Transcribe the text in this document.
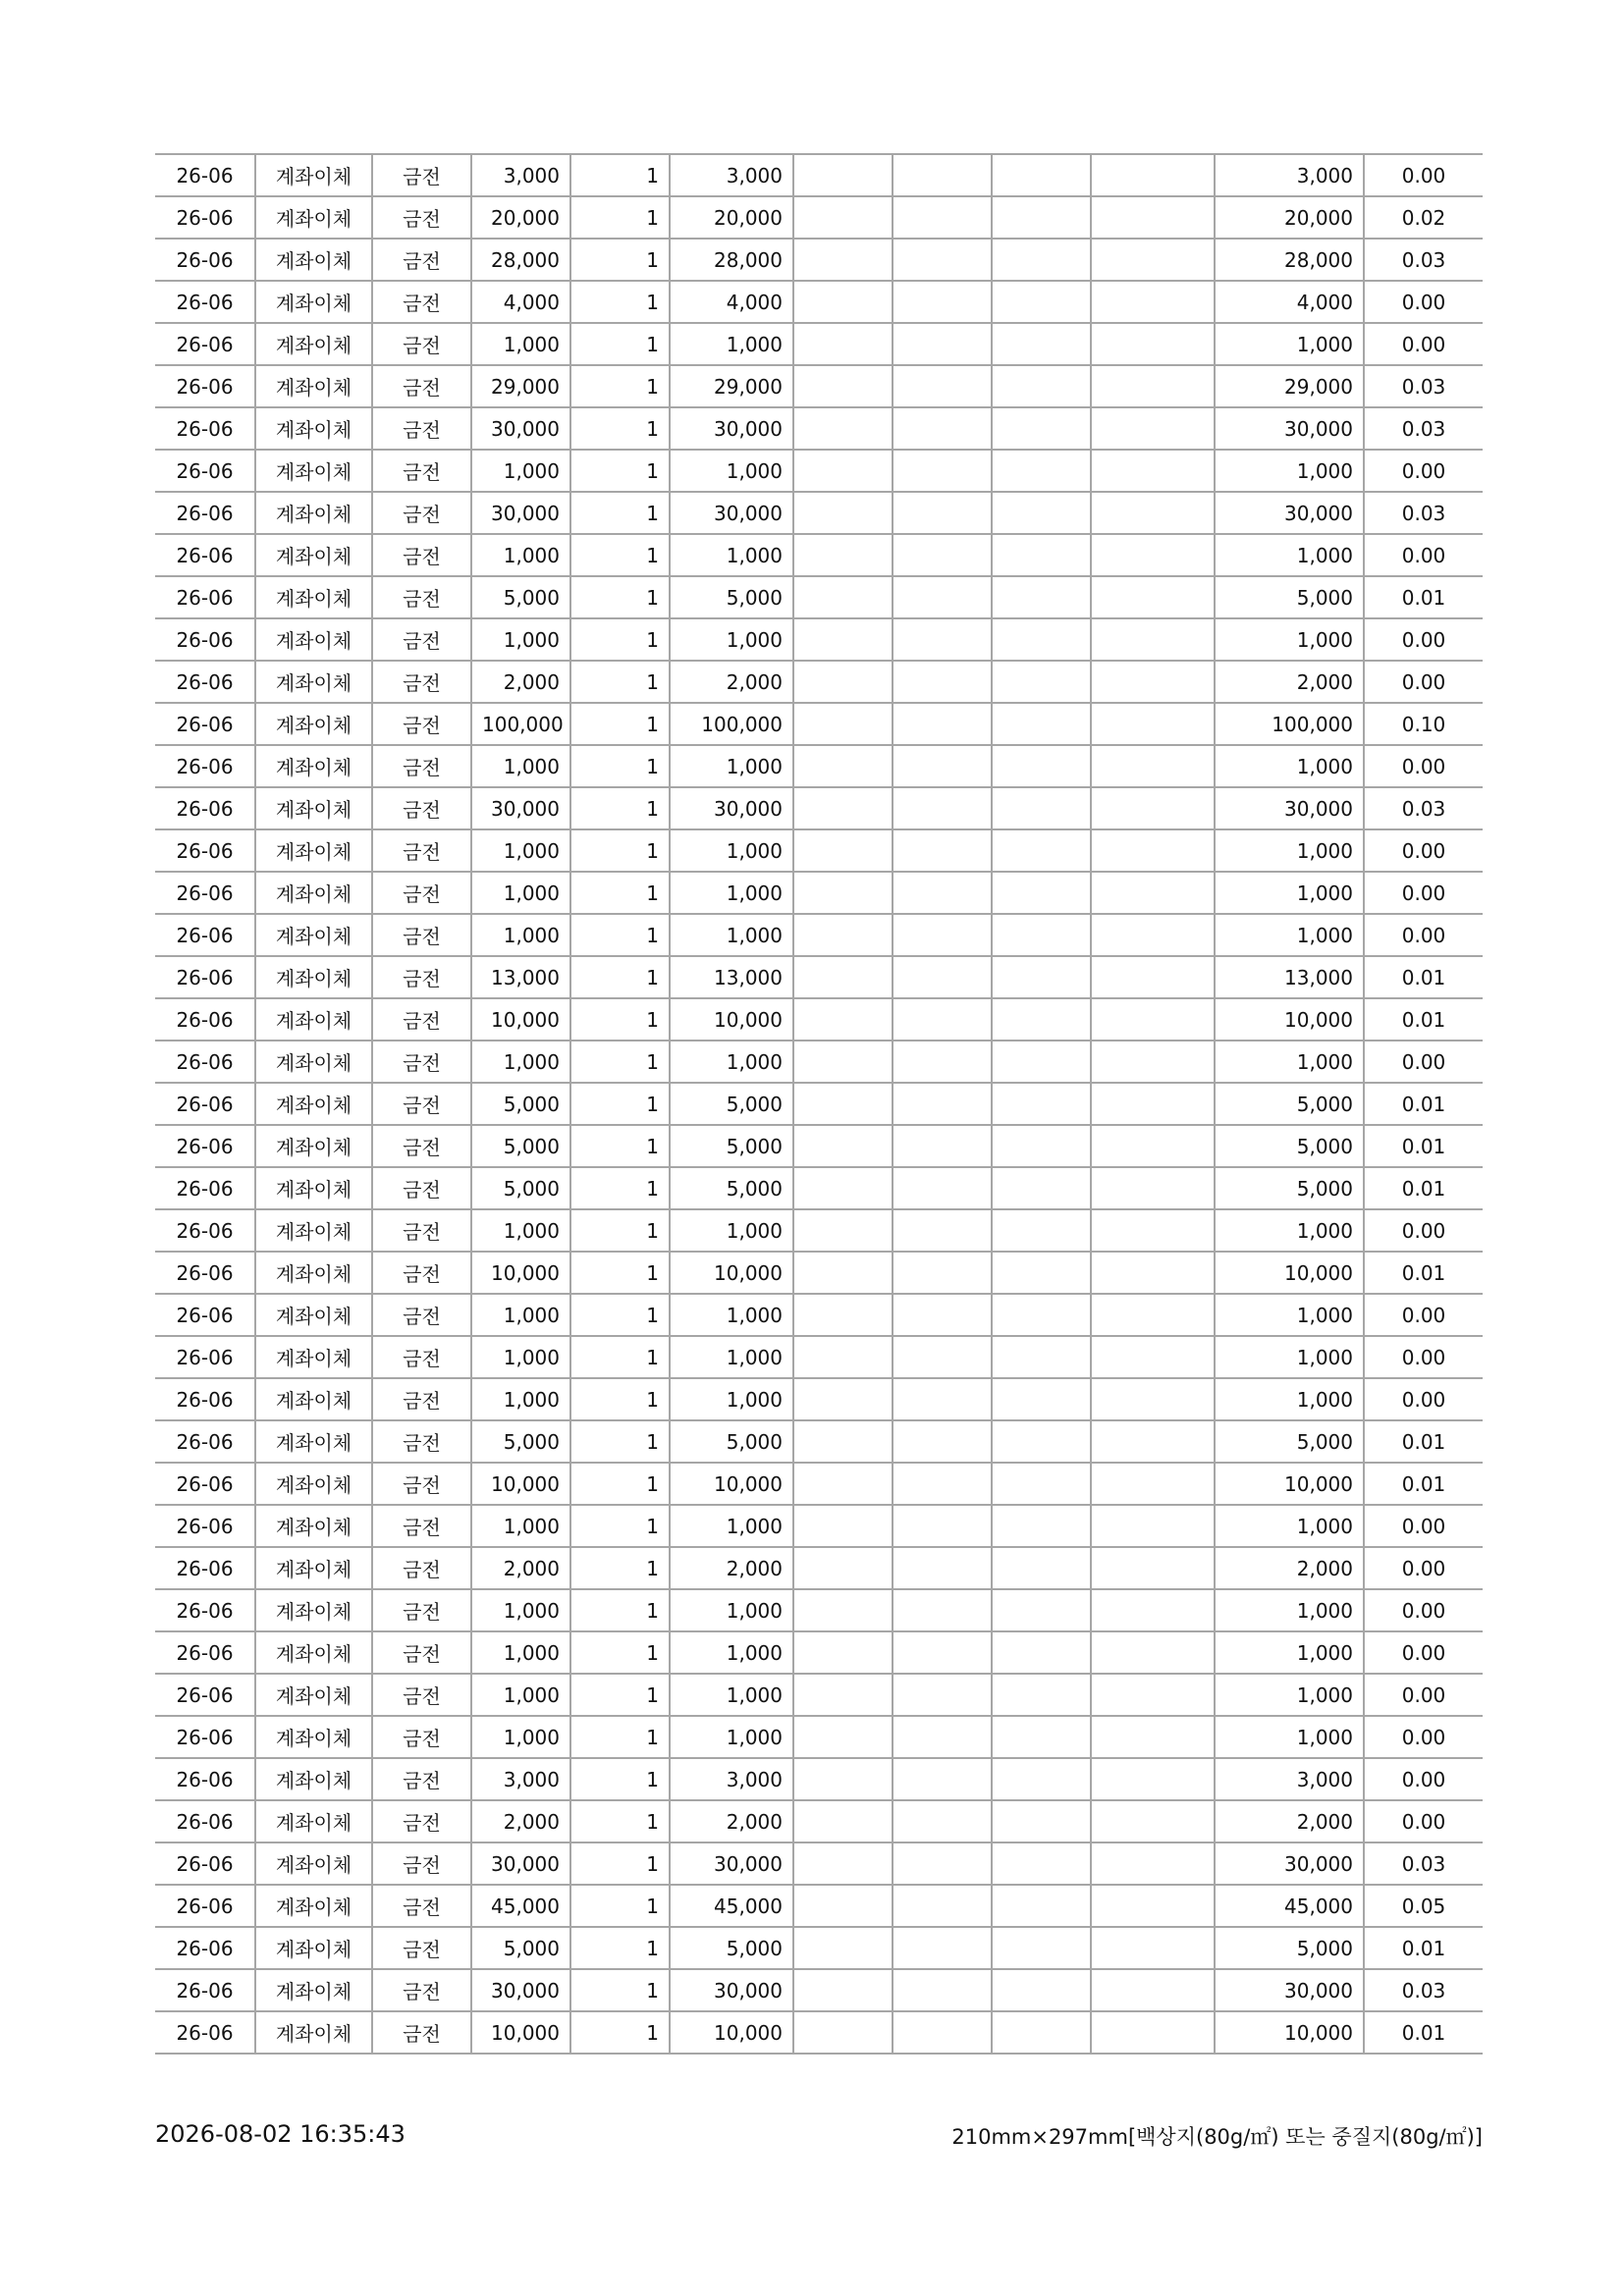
26-06	계좌이체	금전	3,000	1	3,000					3,000	0.00
26-06	계좌이체	금전	20,000	1	20,000					20,000	0.02
26-06	계좌이체	금전	28,000	1	28,000					28,000	0.03
26-06	계좌이체	금전	4,000	1	4,000					4,000	0.00
26-06	계좌이체	금전	1,000	1	1,000					1,000	0.00
26-06	계좌이체	금전	29,000	1	29,000					29,000	0.03
26-06	계좌이체	금전	30,000	1	30,000					30,000	0.03
26-06	계좌이체	금전	1,000	1	1,000					1,000	0.00
26-06	계좌이체	금전	30,000	1	30,000					30,000	0.03
26-06	계좌이체	금전	1,000	1	1,000					1,000	0.00
26-06	계좌이체	금전	5,000	1	5,000					5,000	0.01
26-06	계좌이체	금전	1,000	1	1,000					1,000	0.00
26-06	계좌이체	금전	2,000	1	2,000					2,000	0.00
26-06	계좌이체	금전	100,000	1	100,000					100,000	0.10
26-06	계좌이체	금전	1,000	1	1,000					1,000	0.00
26-06	계좌이체	금전	30,000	1	30,000					30,000	0.03
26-06	계좌이체	금전	1,000	1	1,000					1,000	0.00
26-06	계좌이체	금전	1,000	1	1,000					1,000	0.00
26-06	계좌이체	금전	1,000	1	1,000					1,000	0.00
26-06	계좌이체	금전	13,000	1	13,000					13,000	0.01
26-06	계좌이체	금전	10,000	1	10,000					10,000	0.01
26-06	계좌이체	금전	1,000	1	1,000					1,000	0.00
26-06	계좌이체	금전	5,000	1	5,000					5,000	0.01
26-06	계좌이체	금전	5,000	1	5,000					5,000	0.01
26-06	계좌이체	금전	5,000	1	5,000					5,000	0.01
26-06	계좌이체	금전	1,000	1	1,000					1,000	0.00
26-06	계좌이체	금전	10,000	1	10,000					10,000	0.01
26-06	계좌이체	금전	1,000	1	1,000					1,000	0.00
26-06	계좌이체	금전	1,000	1	1,000					1,000	0.00
26-06	계좌이체	금전	1,000	1	1,000					1,000	0.00
26-06	계좌이체	금전	5,000	1	5,000					5,000	0.01
26-06	계좌이체	금전	10,000	1	10,000					10,000	0.01
26-06	계좌이체	금전	1,000	1	1,000					1,000	0.00
26-06	계좌이체	금전	2,000	1	2,000					2,000	0.00
26-06	계좌이체	금전	1,000	1	1,000					1,000	0.00
26-06	계좌이체	금전	1,000	1	1,000					1,000	0.00
26-06	계좌이체	금전	1,000	1	1,000					1,000	0.00
26-06	계좌이체	금전	1,000	1	1,000					1,000	0.00
26-06	계좌이체	금전	3,000	1	3,000					3,000	0.00
26-06	계좌이체	금전	2,000	1	2,000					2,000	0.00
26-06	계좌이체	금전	30,000	1	30,000					30,000	0.03
26-06	계좌이체	금전	45,000	1	45,000					45,000	0.05
26-06	계좌이체	금전	5,000	1	5,000					5,000	0.01
26-06	계좌이체	금전	30,000	1	30,000					30,000	0.03
26-06	계좌이체	금전	10,000	1	10,000					10,000	0.01
2026-08-02 16:35:43	210mm×297mm[백상지(80g/㎡) 또는 중질지(80g/㎡)]
